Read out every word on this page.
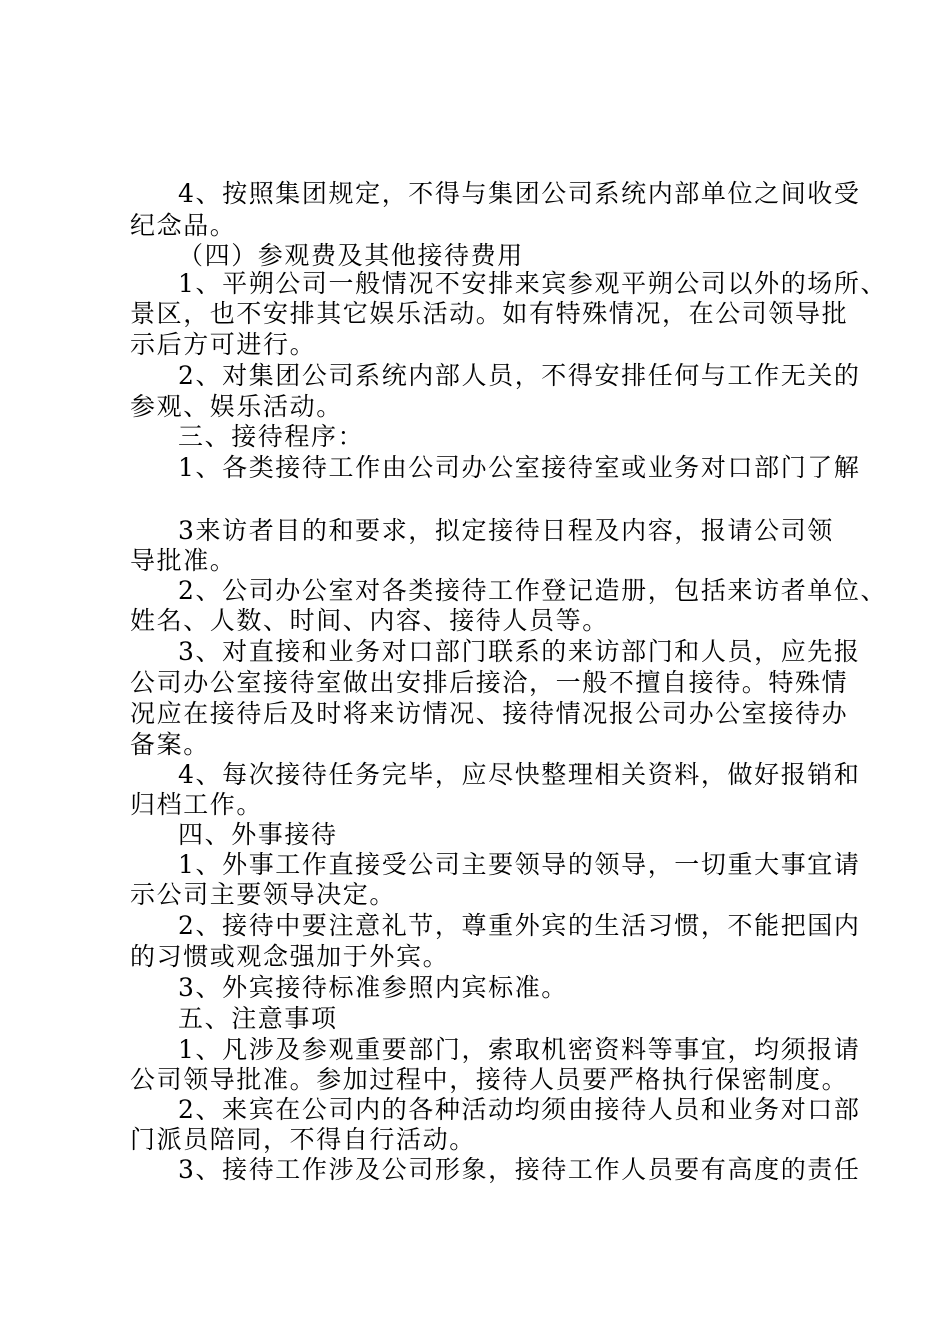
4、按照集团规定，不得与集团公司系统内部单位之间收受
纪念品。
（四）参观费及其他接待费用
1、平朔公司一般情况不安排来宾参观平朔公司以外的场所、
景区，也不安排其它娱乐活动。如有特殊情况，在公司领导批
示后方可进行。
2、对集团公司系统内部人员，不得安排任何与工作无关的
参观、娱乐活动。
三、接待程序：
1、各类接待工作由公司办公室接待室或业务对口部门了解
3来访者目的和要求，拟定接待日程及内容，报请公司领
导批准。
2、公司办公室对各类接待工作登记造册，包括来访者单位、
姓名、人数、时间、内容、接待人员等。
3、对直接和业务对口部门联系的来访部门和人员，应先报
公司办公室接待室做出安排后接洽，一般不擅自接待。特殊情
况应在接待后及时将来访情况、接待情况报公司办公室接待办
备案。
4、每次接待任务完毕，应尽快整理相关资料，做好报销和
归档工作。
四、外事接待
1、外事工作直接受公司主要领导的领导，一切重大事宜请
示公司主要领导决定。
2、接待中要注意礼节，尊重外宾的生活习惯，不能把国内
的习惯或观念强加于外宾。
3、外宾接待标准参照内宾标准。
五、注意事项
1、凡涉及参观重要部门，索取机密资料等事宜，均须报请
公司领导批准。参加过程中，接待人员要严格执行保密制度。
2、来宾在公司内的各种活动均须由接待人员和业务对口部
门派员陪同，不得自行活动。
3、接待工作涉及公司形象，接待工作人员要有高度的责任
